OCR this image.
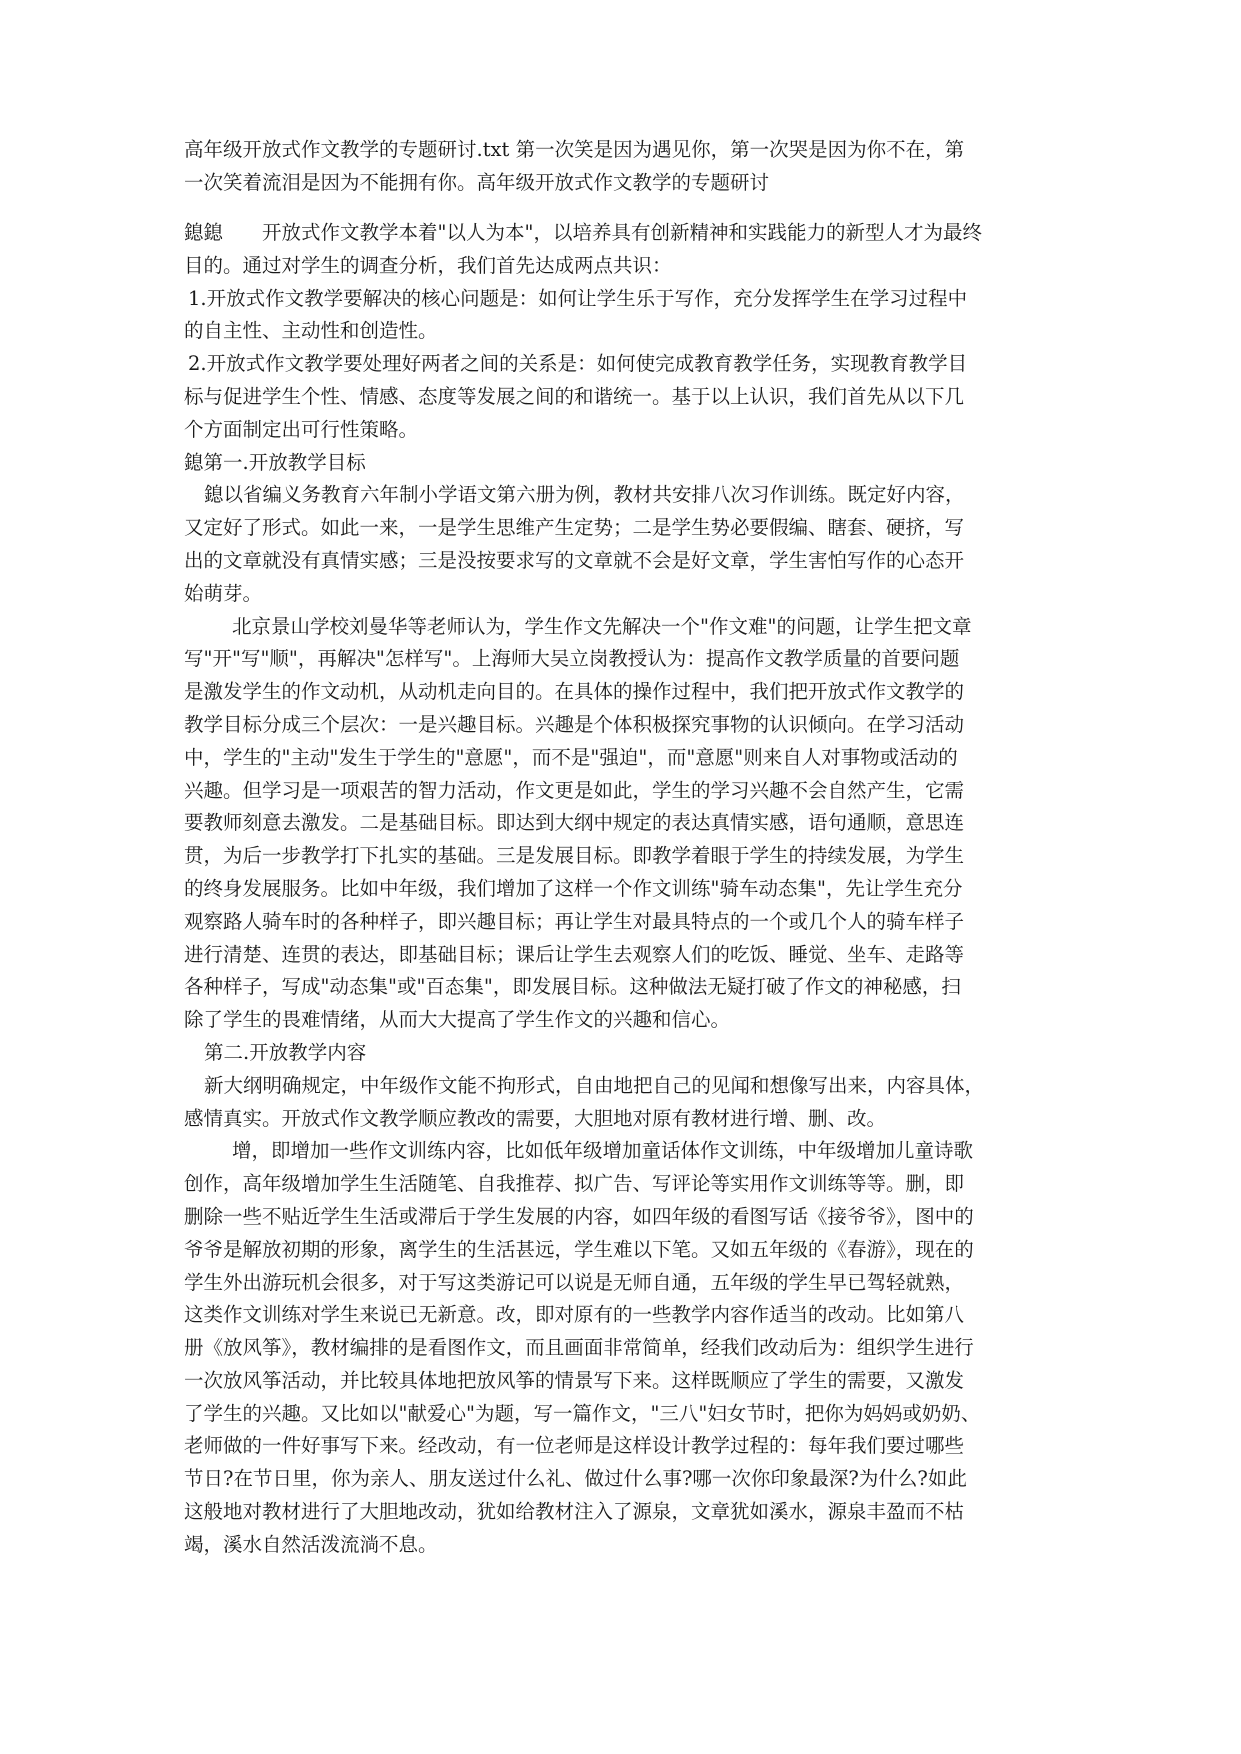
高年级开放式作文教学的专题研讨.txt 第一次笑是因为遇见你，第一次哭是因为你不在，第
一次笑着流泪是因为不能拥有你。高年级开放式作文教学的专题研讨
鎴鎴　　开放式作文教学本着"以人为本"，以培养具有创新精神和实践能力的新型人才为最终
目的。通过对学生的调查分析，我们首先达成两点共识：
1.开放式作文教学要解决的核心问题是：如何让学生乐于写作，充分发挥学生在学习过程中
的自主性、主动性和创造性。
2.开放式作文教学要处理好两者之间的关系是：如何使完成教育教学任务，实现教育教学目
标与促进学生个性、情感、态度等发展之间的和谐统一。基于以上认识，我们首先从以下几
个方面制定出可行性策略。
鎴第一.开放教学目标
鎴以省编义务教育六年制小学语文第六册为例，教材共安排八次习作训练。既定好内容，
又定好了形式。如此一来，一是学生思维产生定势；二是学生势必要假编、瞎套、硬挤，写
出的文章就没有真情实感；三是没按要求写的文章就不会是好文章，学生害怕写作的心态开
始萌芽。
北京景山学校刘曼华等老师认为，学生作文先解决一个"作文难"的问题，让学生把文章
写"开"写"顺"，再解决"怎样写"。上海师大吴立岗教授认为：提高作文教学质量的首要问题
是激发学生的作文动机，从动机走向目的。在具体的操作过程中，我们把开放式作文教学的
教学目标分成三个层次：一是兴趣目标。兴趣是个体积极探究事物的认识倾向。在学习活动
中，学生的"主动"发生于学生的"意愿"，而不是"强迫"，而"意愿"则来自人对事物或活动的
兴趣。但学习是一项艰苦的智力活动，作文更是如此，学生的学习兴趣不会自然产生，它需
要教师刻意去激发。二是基础目标。即达到大纲中规定的表达真情实感，语句通顺，意思连
贯，为后一步教学打下扎实的基础。三是发展目标。即教学着眼于学生的持续发展，为学生
的终身发展服务。比如中年级，我们增加了这样一个作文训练"骑车动态集"，先让学生充分
观察路人骑车时的各种样子，即兴趣目标；再让学生对最具特点的一个或几个人的骑车样子
进行清楚、连贯的表达，即基础目标；课后让学生去观察人们的吃饭、睡觉、坐车、走路等
各种样子，写成"动态集"或"百态集"，即发展目标。这种做法无疑打破了作文的神秘感，扫
除了学生的畏难情绪，从而大大提高了学生作文的兴趣和信心。
第二.开放教学内容
新大纲明确规定，中年级作文能不拘形式，自由地把自己的见闻和想像写出来，内容具体，
感情真实。开放式作文教学顺应教改的需要，大胆地对原有教材进行增、删、改。
增，即增加一些作文训练内容，比如低年级增加童话体作文训练，中年级增加儿童诗歌
创作，高年级增加学生生活随笔、自我推荐、拟广告、写评论等实用作文训练等等。删，即
删除一些不贴近学生生活或滞后于学生发展的内容，如四年级的看图写话《接爷爷》，图中的
爷爷是解放初期的形象，离学生的生活甚远，学生难以下笔。又如五年级的《春游》，现在的
学生外出游玩机会很多，对于写这类游记可以说是无师自通，五年级的学生早已驾轻就熟，
这类作文训练对学生来说已无新意。改，即对原有的一些教学内容作适当的改动。比如第八
册《放风筝》，教材编排的是看图作文，而且画面非常简单，经我们改动后为：组织学生进行
一次放风筝活动，并比较具体地把放风筝的情景写下来。这样既顺应了学生的需要，又激发
了学生的兴趣。又比如以"献爱心"为题，写一篇作文，"三八"妇女节时，把你为妈妈或奶奶、
老师做的一件好事写下来。经改动，有一位老师是这样设计教学过程的：每年我们要过哪些
节日?在节日里，你为亲人、朋友送过什么礼、做过什么事?哪一次你印象最深?为什么?如此
这般地对教材进行了大胆地改动，犹如给教材注入了源泉，文章犹如溪水，源泉丰盈而不枯
竭，溪水自然活泼流淌不息。
